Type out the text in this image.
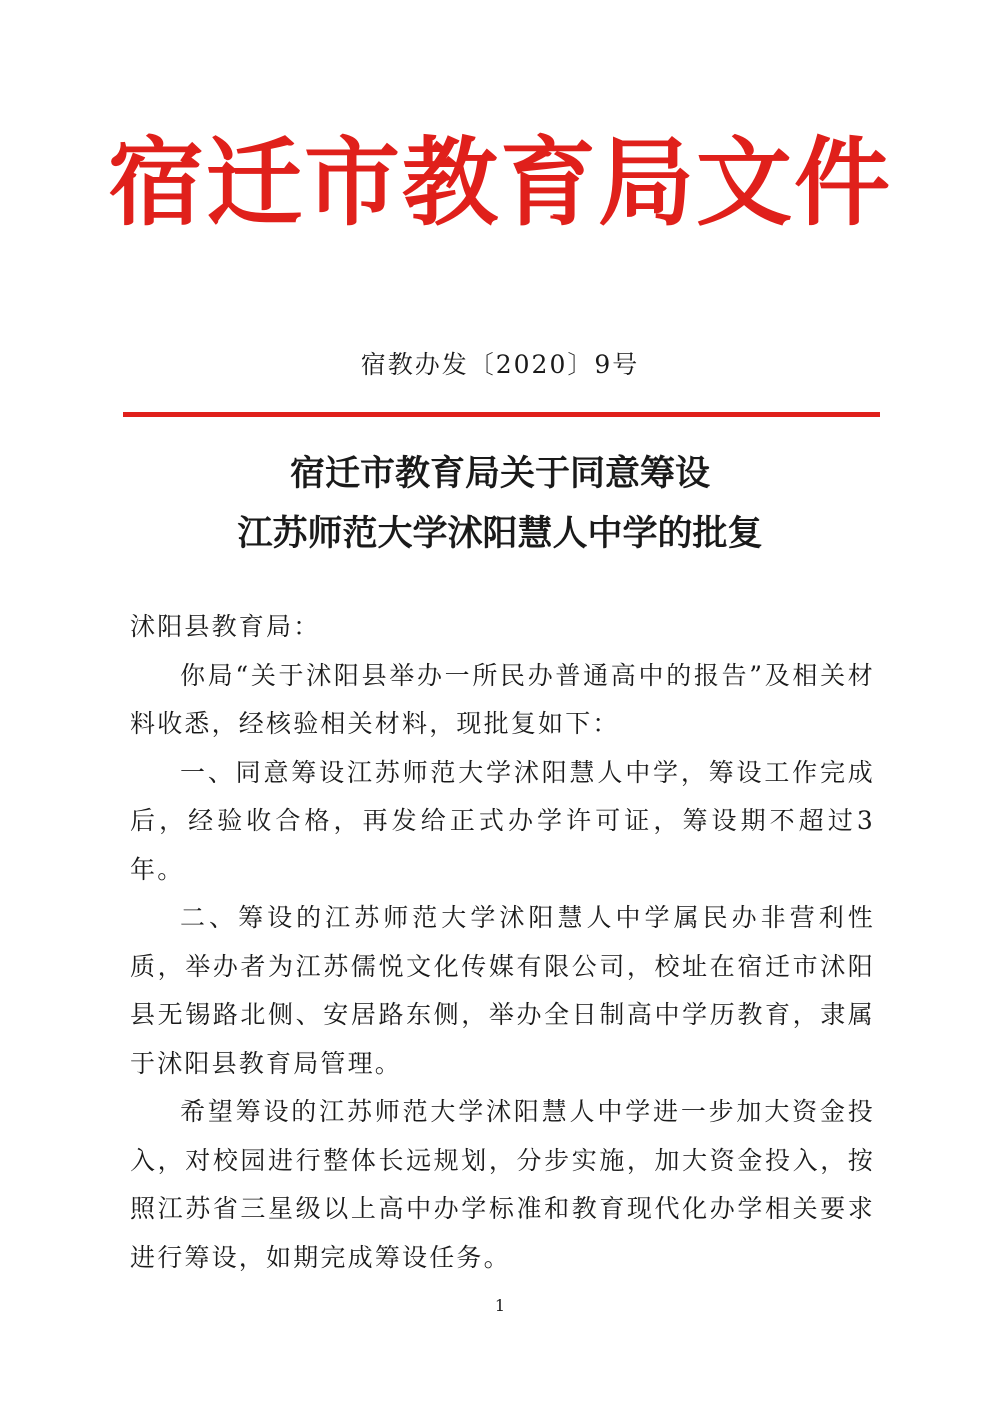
宿迁市教育局文件
宿教办发〔2020〕9号
宿迁市教育局关于同意筹设
江苏师范大学沭阳慧人中学的批复

沭阳县教育局：

你局“关于沭阳县举办一所民办普通高中的报告”及相关材料收悉，经核验相关材料，现批复如下：

一、同意筹设江苏师范大学沭阳慧人中学，筹设工作完成后，经验收合格，再发给正式办学许可证，筹设期不超过3年。

二、筹设的江苏师范大学沭阳慧人中学属民办非营利性质，举办者为江苏儒悦文化传媒有限公司，校址在宿迁市沭阳县无锡路北侧、安居路东侧，举办全日制高中学历教育，隶属于沭阳县教育局管理。

希望筹设的江苏师范大学沭阳慧人中学进一步加大资金投入，对校园进行整体长远规划，分步实施，加大资金投入，按照江苏省三星级以上高中办学标准和教育现代化办学相关要求进行筹设，如期完成筹设任务。

1
